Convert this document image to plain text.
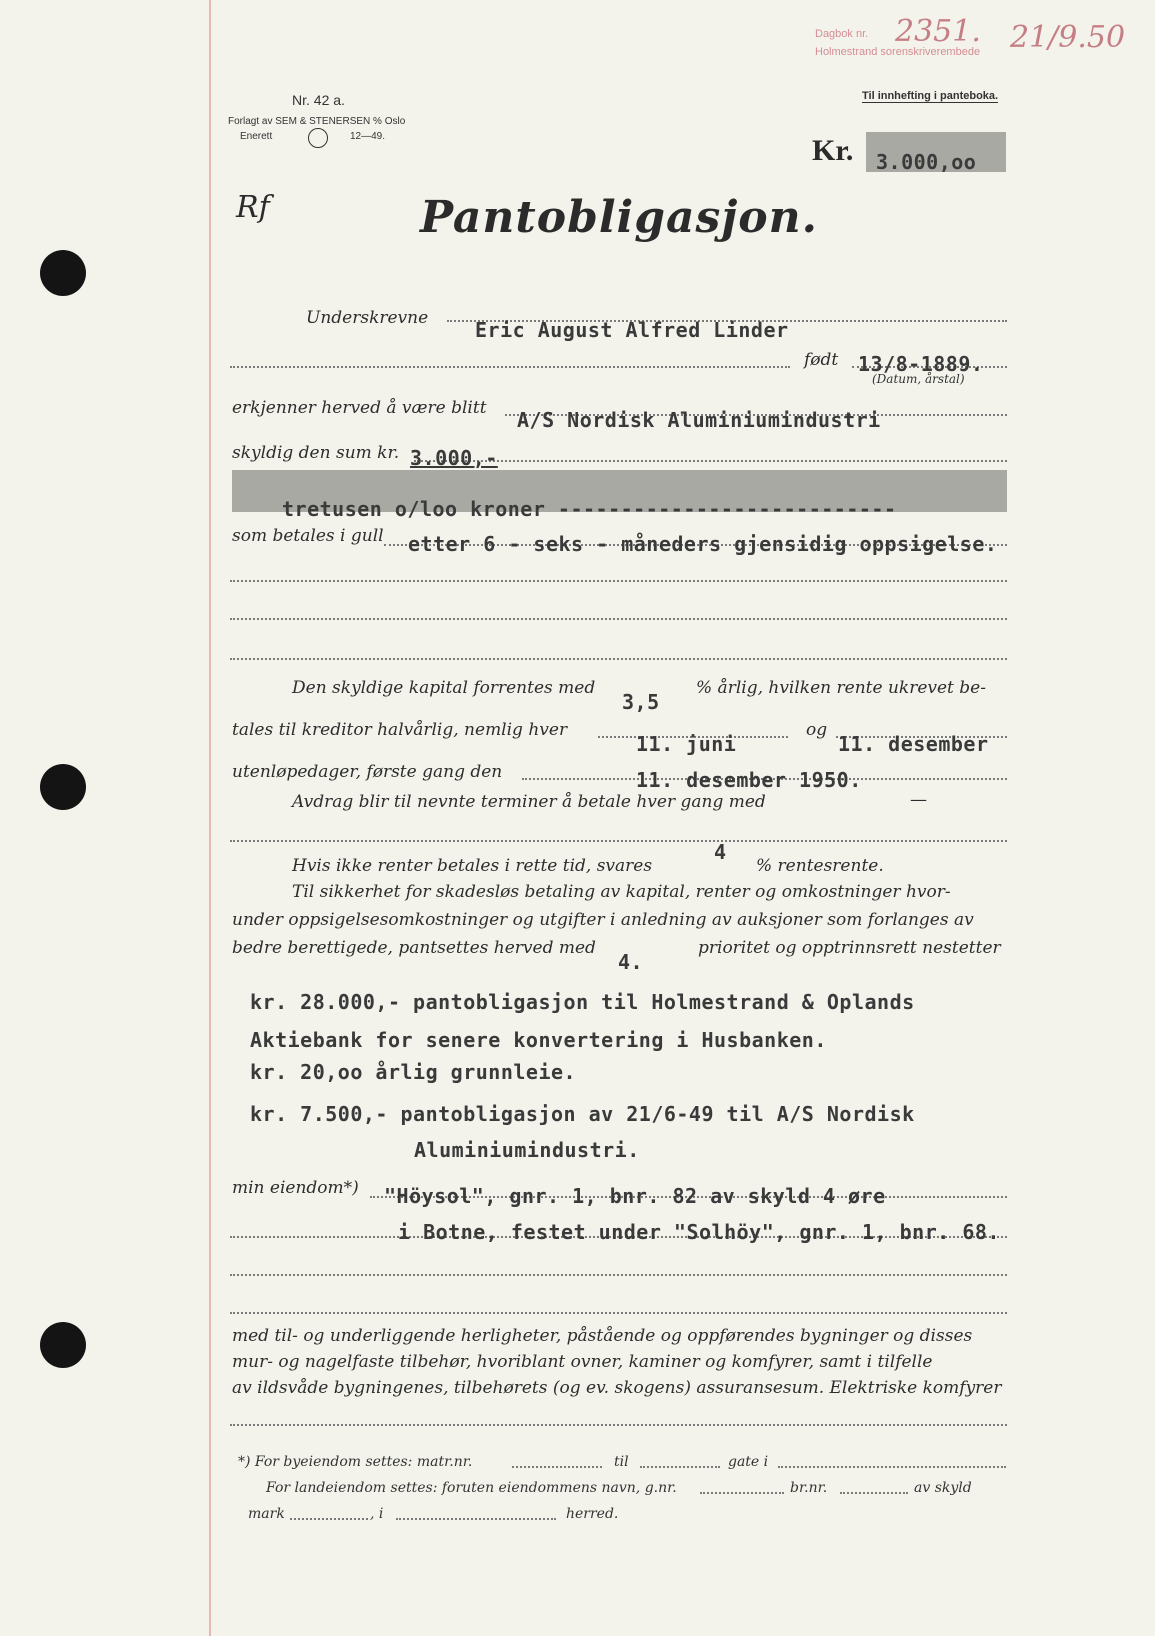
Dagbok nr.
Holmestrand sorenskriverembede
2351. 21/9.50
Nr. 42 a.
Forlagt av SEM & STENERSEN % Oslo
Enerett	12—49.
Til innhefting i panteboka.
Kr. 3.000,oo
Rf	Pantobligasjon.
Underskrevne Eric August Alfred Linder
født 13/8-1889.
(Datum, årstal)
erkjenner herved å være blitt A/S Nordisk Aluminiumindustri
skyldig den sum kr. 3.000,-
tretusen o/loo kroner ---------------------------
som betales i gull etter 6 - seks - måneders gjensidig oppsigelse.
Den skyldige kapital forrentes med
3,5
% årlig, hvilken rente ukrevet be-
tales til kreditor halvårlig, nemlig hver
11. juni
og
11. desember
utenløpedager, første gang den	11. desember 1950.
Avdrag blir til nevnte terminer å betale hver gang med	—
Hvis ikke renter betales i rette tid, svares
4
% rentesrente.
Til sikkerhet for skadesløs betaling av kapital, renter og omkostninger hvor-
under oppsigelsesomkostninger og utgifter i anledning av auksjoner som forlanges av
bedre berettigede, pantsettes herved med
4.
prioritet og opptrinnsrett nestetter
kr. 28.000,- pantobligasjon til Holmestrand & Oplands
Aktiebank for senere konvertering i Husbanken.
kr. 20,oo årlig grunnleie.
kr. 7.500,- pantobligasjon av 21/6-49 til A/S Nordisk
Aluminiumindustri.
min eiendom*) "Höysol", gnr. 1, bnr. 82 av skyld 4 øre
i Botne, festet under "Solhöy", gnr. 1, bnr. 68.
med til- og underliggende herligheter, påstående og oppførendes bygninger og disses
mur- og nagelfaste tilbehør, hvoriblant ovner, kaminer og komfyrer, samt i tilfelle
av ildsvåde bygningenes, tilbehørets (og ev. skogens) assuransesum. Elektriske komfyrer
*) For byeiendom settes: matr.nr.	til	gate i
For landeiendom settes: foruten eiendommens navn, g.nr.	br.nr.	av skyld
mark	, i	herred.
